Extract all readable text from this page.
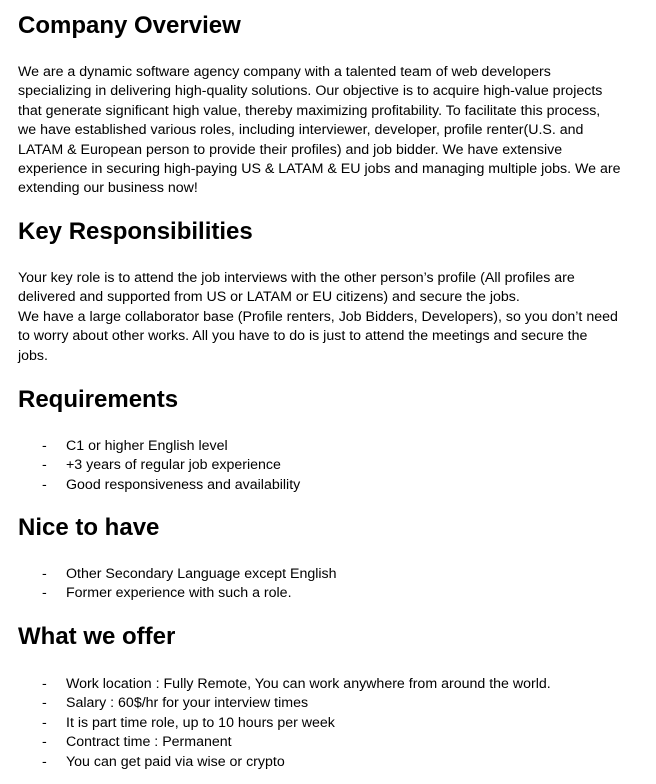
Company Overview

We are a dynamic software agency company with a talented team of web developers
specializing in delivering high-quality solutions. Our objective is to acquire high-value projects
that generate significant high value, thereby maximizing profitability. To facilitate this process,
we have established various roles, including interviewer, developer, profile renter(U.S. and
LATAM & European person to provide their profiles) and job bidder. We have extensive
experience in securing high-paying US & LATAM & EU jobs and managing multiple jobs. We are
extending our business now!

Key Responsibilities

Your key role is to attend the job interviews with the other person’s profile (All profiles are
delivered and supported from US or LATAM or EU citizens) and secure the jobs.
We have a large collaborator base (Profile renters, Job Bidders, Developers), so you don’t need
to worry about other works. All you have to do is just to attend the meetings and secure the
jobs.

Requirements
- C1 or higher English level
- +3 years of regular job experience
- Good responsiveness and availability
Nice to have
- Other Secondary Language except English
- Former experience with such a role.
What we offer
- Work location : Fully Remote, You can work anywhere from around the world.
- Salary : 60$/hr for your interview times
- It is part time role, up to 10 hours per week
- Contract time : Permanent
- You can get paid via wise or crypto
